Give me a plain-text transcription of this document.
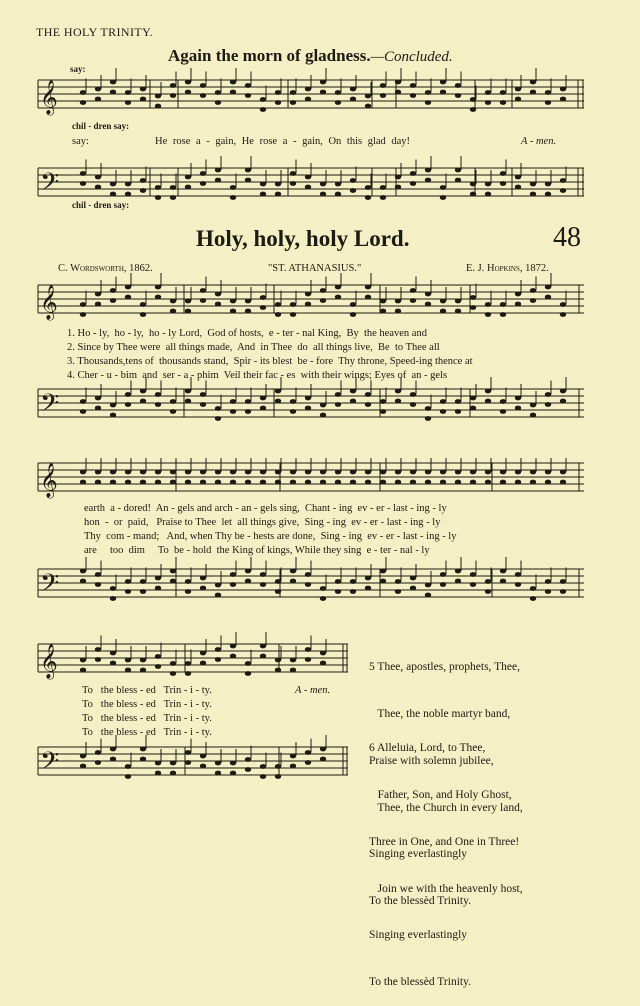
𝄞
𝄢
𝄞
𝄢
𝄞
𝄢
𝄞
𝄢
THE HOLY TRINITY.
Again the morn of gladness.—Concluded.
say:
chil - dren say:
say:	He rose a - gain, He rose a - gain, On this glad day!	A - men.
chil - dren say:
Holy, holy, holy Lord.	48
C. Wordsworth, 1862.	"ST. ATHANASIUS."	E. J. Hopkins, 1872.
1. Ho - ly,  ho - ly,  ho - ly Lord,  God of hosts,  e - ter - nal King,  By  the heaven and
2. Since by Thee were  all things made,  And  in Thee  do  all things live,  Be  to Thee all
3. Thousands,tens of  thousands stand,  Spir - its blest  be - fore  Thy throne, Speed-ing thence at
4. Cher - u - bim  and  ser - a - phim  Veil their fac - es  with their wings; Eyes of  an - gels
earth  a - dored!  An - gels and arch - an - gels sing,  Chant - ing  ev - er - last - ing - ly
hon  -  or  paid,   Praise to Thee  let  all things give,  Sing - ing  ev - er - last - ing - ly
Thy  com - mand;   And, when Thy be - hests are done,  Sing - ing  ev - er - last - ing - ly
are     too  dim     To  be - hold  the King of kings, While they sing  e - ter - nal - ly
To   the bless - ed   Trin - i - ty.
To   the bless - ed   Trin - i - ty.
To   the bless - ed   Trin - i - ty.
To   the bless - ed   Trin - i - ty.
A - men.

5 Thee, apostles, prophets, Thee,

Thee, the noble martyr band,

Praise with solemn jubilee,

Thee, the Church in every land,

Singing everlastingly

To the blessèd Trinity.

6 Alleluia, Lord, to Thee,

Father, Son, and Holy Ghost,

Three in One, and One in Three!

Join we with the heavenly host,

Singing everlastingly

To the blessèd Trinity.
